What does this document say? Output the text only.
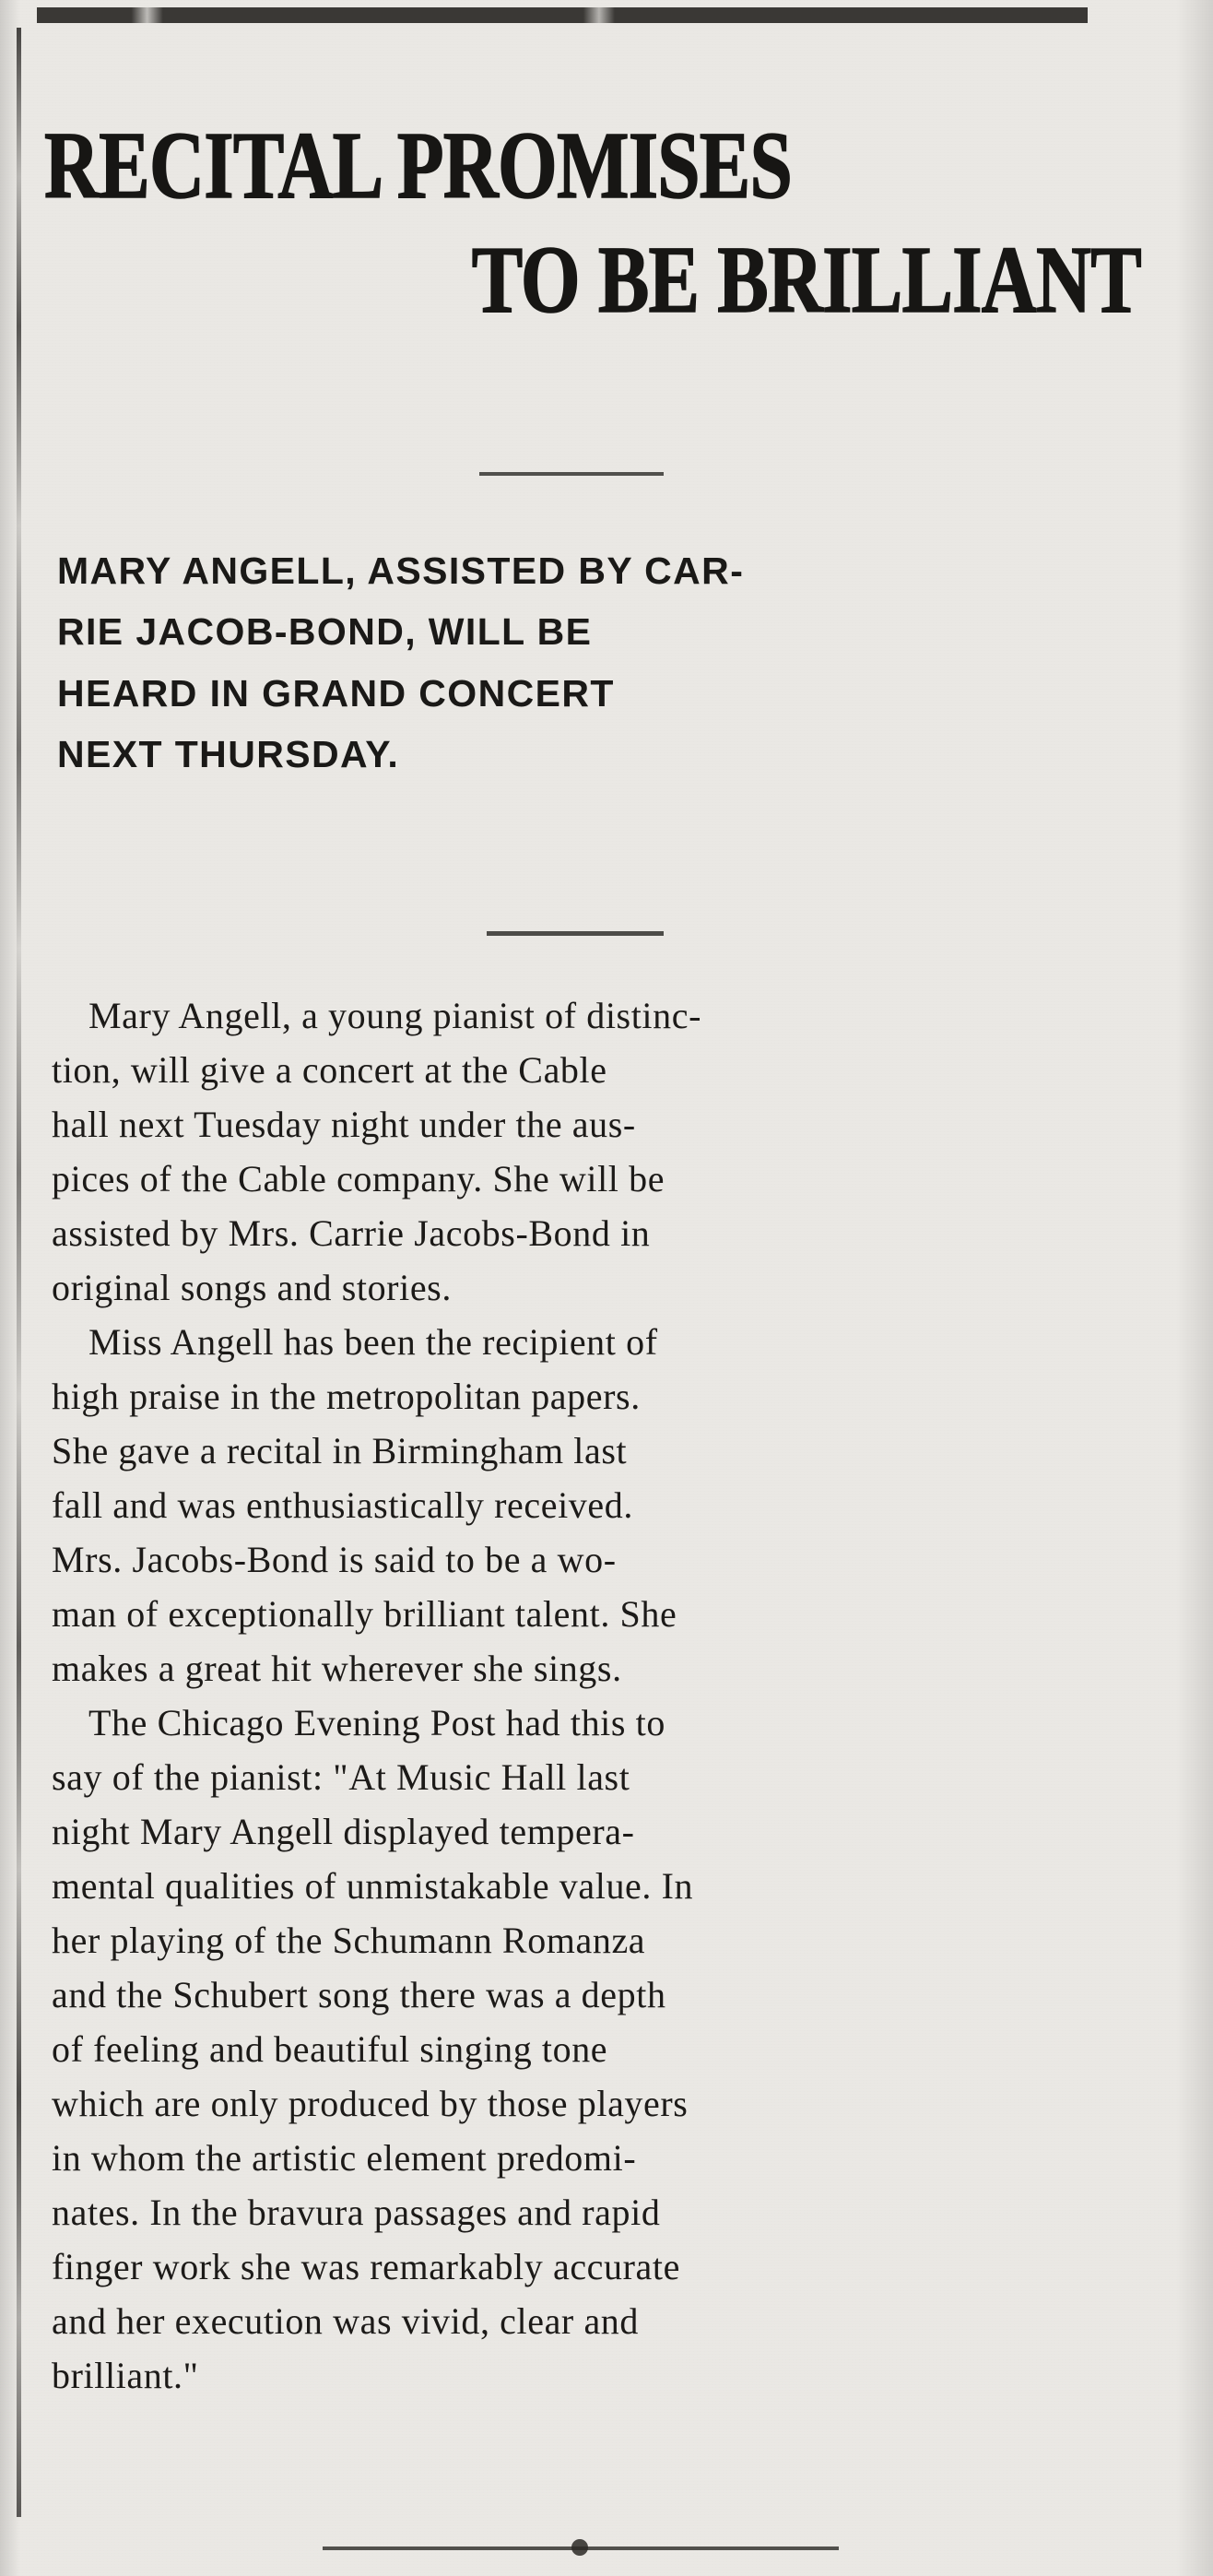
RECITAL PROMISES
TO BE BRILLIANT
MARY ANGELL, ASSISTED BY CAR-
RIE JACOB-BOND, WILL BE
HEARD IN GRAND CONCERT
NEXT THURSDAY.

Mary Angell, a young pianist of distinc-
tion, will give a concert at the Cable
hall next Tuesday night under the aus-
pices of the Cable company. She will be
assisted by Mrs. Carrie Jacobs-Bond in
original songs and stories.

Miss Angell has been the recipient of
high praise in the metropolitan papers.
She gave a recital in Birmingham last
fall and was enthusiastically received.
Mrs. Jacobs-Bond is said to be a wo-
man of exceptionally brilliant talent. She
makes a great hit wherever she sings.

The Chicago Evening Post had this to
say of the pianist: "At Music Hall last
night Mary Angell displayed tempera-
mental qualities of unmistakable value. In
her playing of the Schumann Romanza
and the Schubert song there was a depth
of feeling and beautiful singing tone
which are only produced by those players
in whom the artistic element predomi-
nates. In the bravura passages and rapid
finger work she was remarkably accurate
and her execution was vivid, clear and
brilliant."
